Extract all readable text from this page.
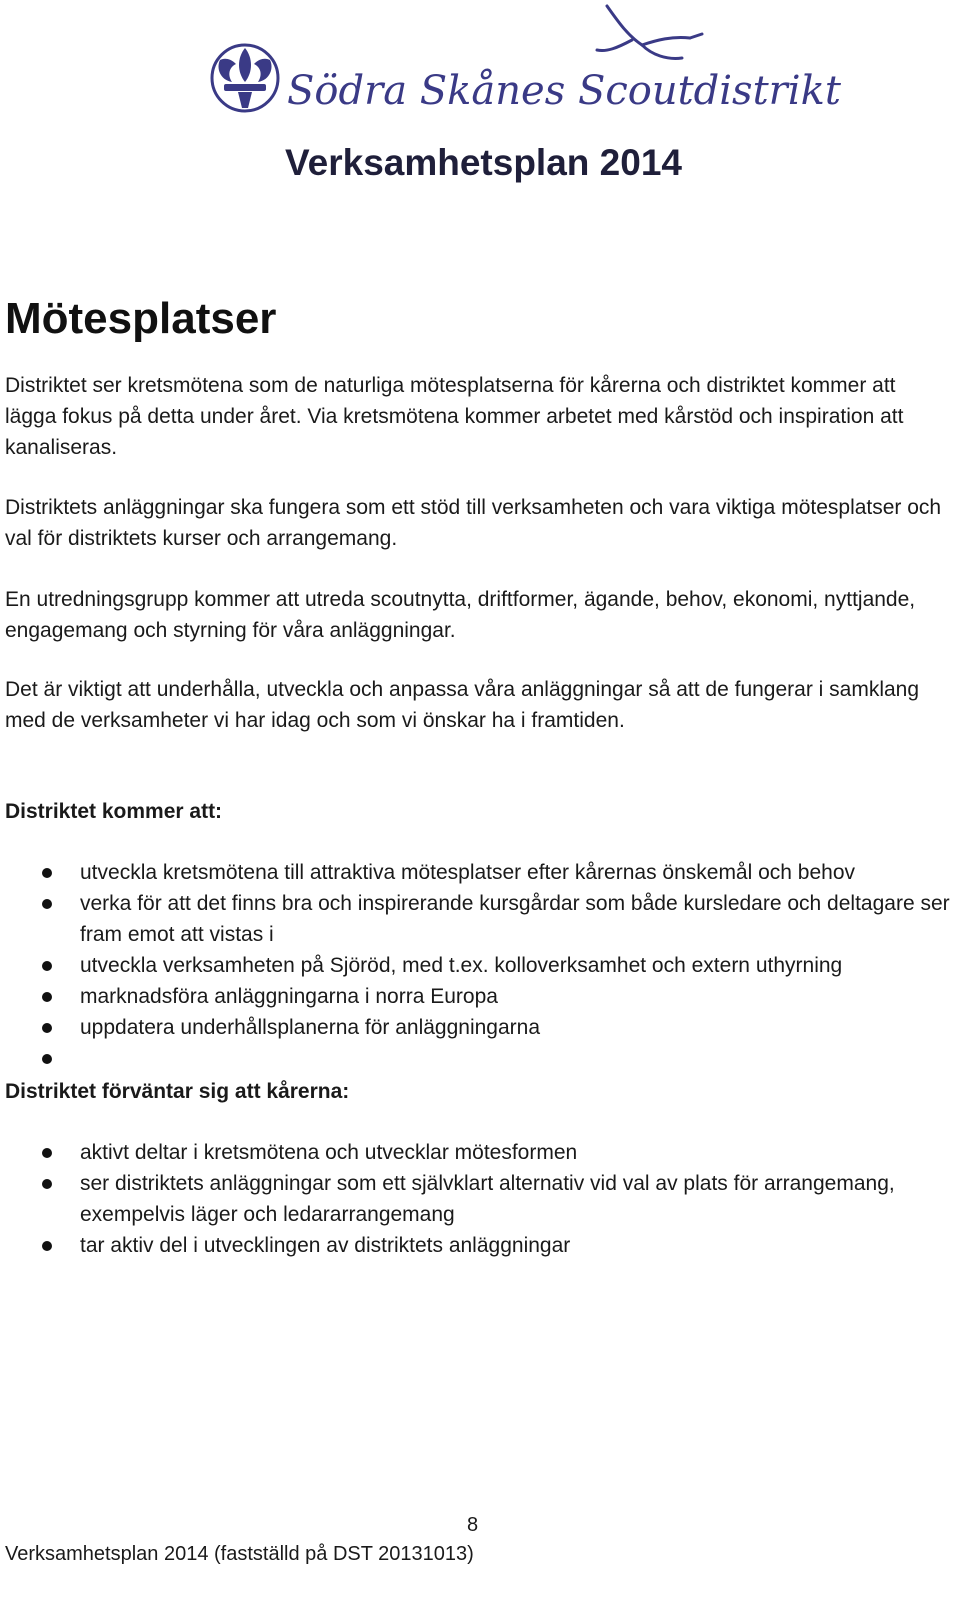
Södra Skånes Scoutdistrikt
Verksamhetsplan 2014
Mötesplatser
Distriktet ser kretsmötena som de naturliga mötesplatserna för kårerna och distriktet kommer att lägga fokus på detta under året. Via kretsmötena kommer arbetet med kårstöd och inspiration att kanaliseras.
Distriktets anläggningar ska fungera som ett stöd till verksamheten och vara viktiga mötesplatser och val för distriktets kurser och arrangemang.
En utredningsgrupp kommer att utreda scoutnytta, driftformer, ägande, behov, ekonomi, nyttjande, engagemang och styrning för våra anläggningar.
Det är viktigt att underhålla, utveckla och anpassa våra anläggningar så att de fungerar i samklang med de verksamheter vi har idag och som vi önskar ha i framtiden.
Distriktet kommer att:
utveckla kretsmötena till attraktiva mötesplatser efter kårernas önskemål och behov
verka för att det finns bra och inspirerande kursgårdar som både kursledare och deltagare ser fram emot att vistas i
utveckla verksamheten på Sjöröd, med t.ex. kolloverksamhet och extern uthyrning
marknadsföra anläggningarna i norra Europa
uppdatera underhållsplanerna för anläggningarna
Distriktet förväntar sig att kårerna:
aktivt deltar i kretsmötena och utvecklar mötesformen
ser distriktets anläggningar som ett självklart alternativ vid val av plats för arrangemang, exempelvis läger och ledararrangemang
tar aktiv del i utvecklingen av distriktets anläggningar
8
Verksamhetsplan 2014 (fastställd på DST 20131013)
